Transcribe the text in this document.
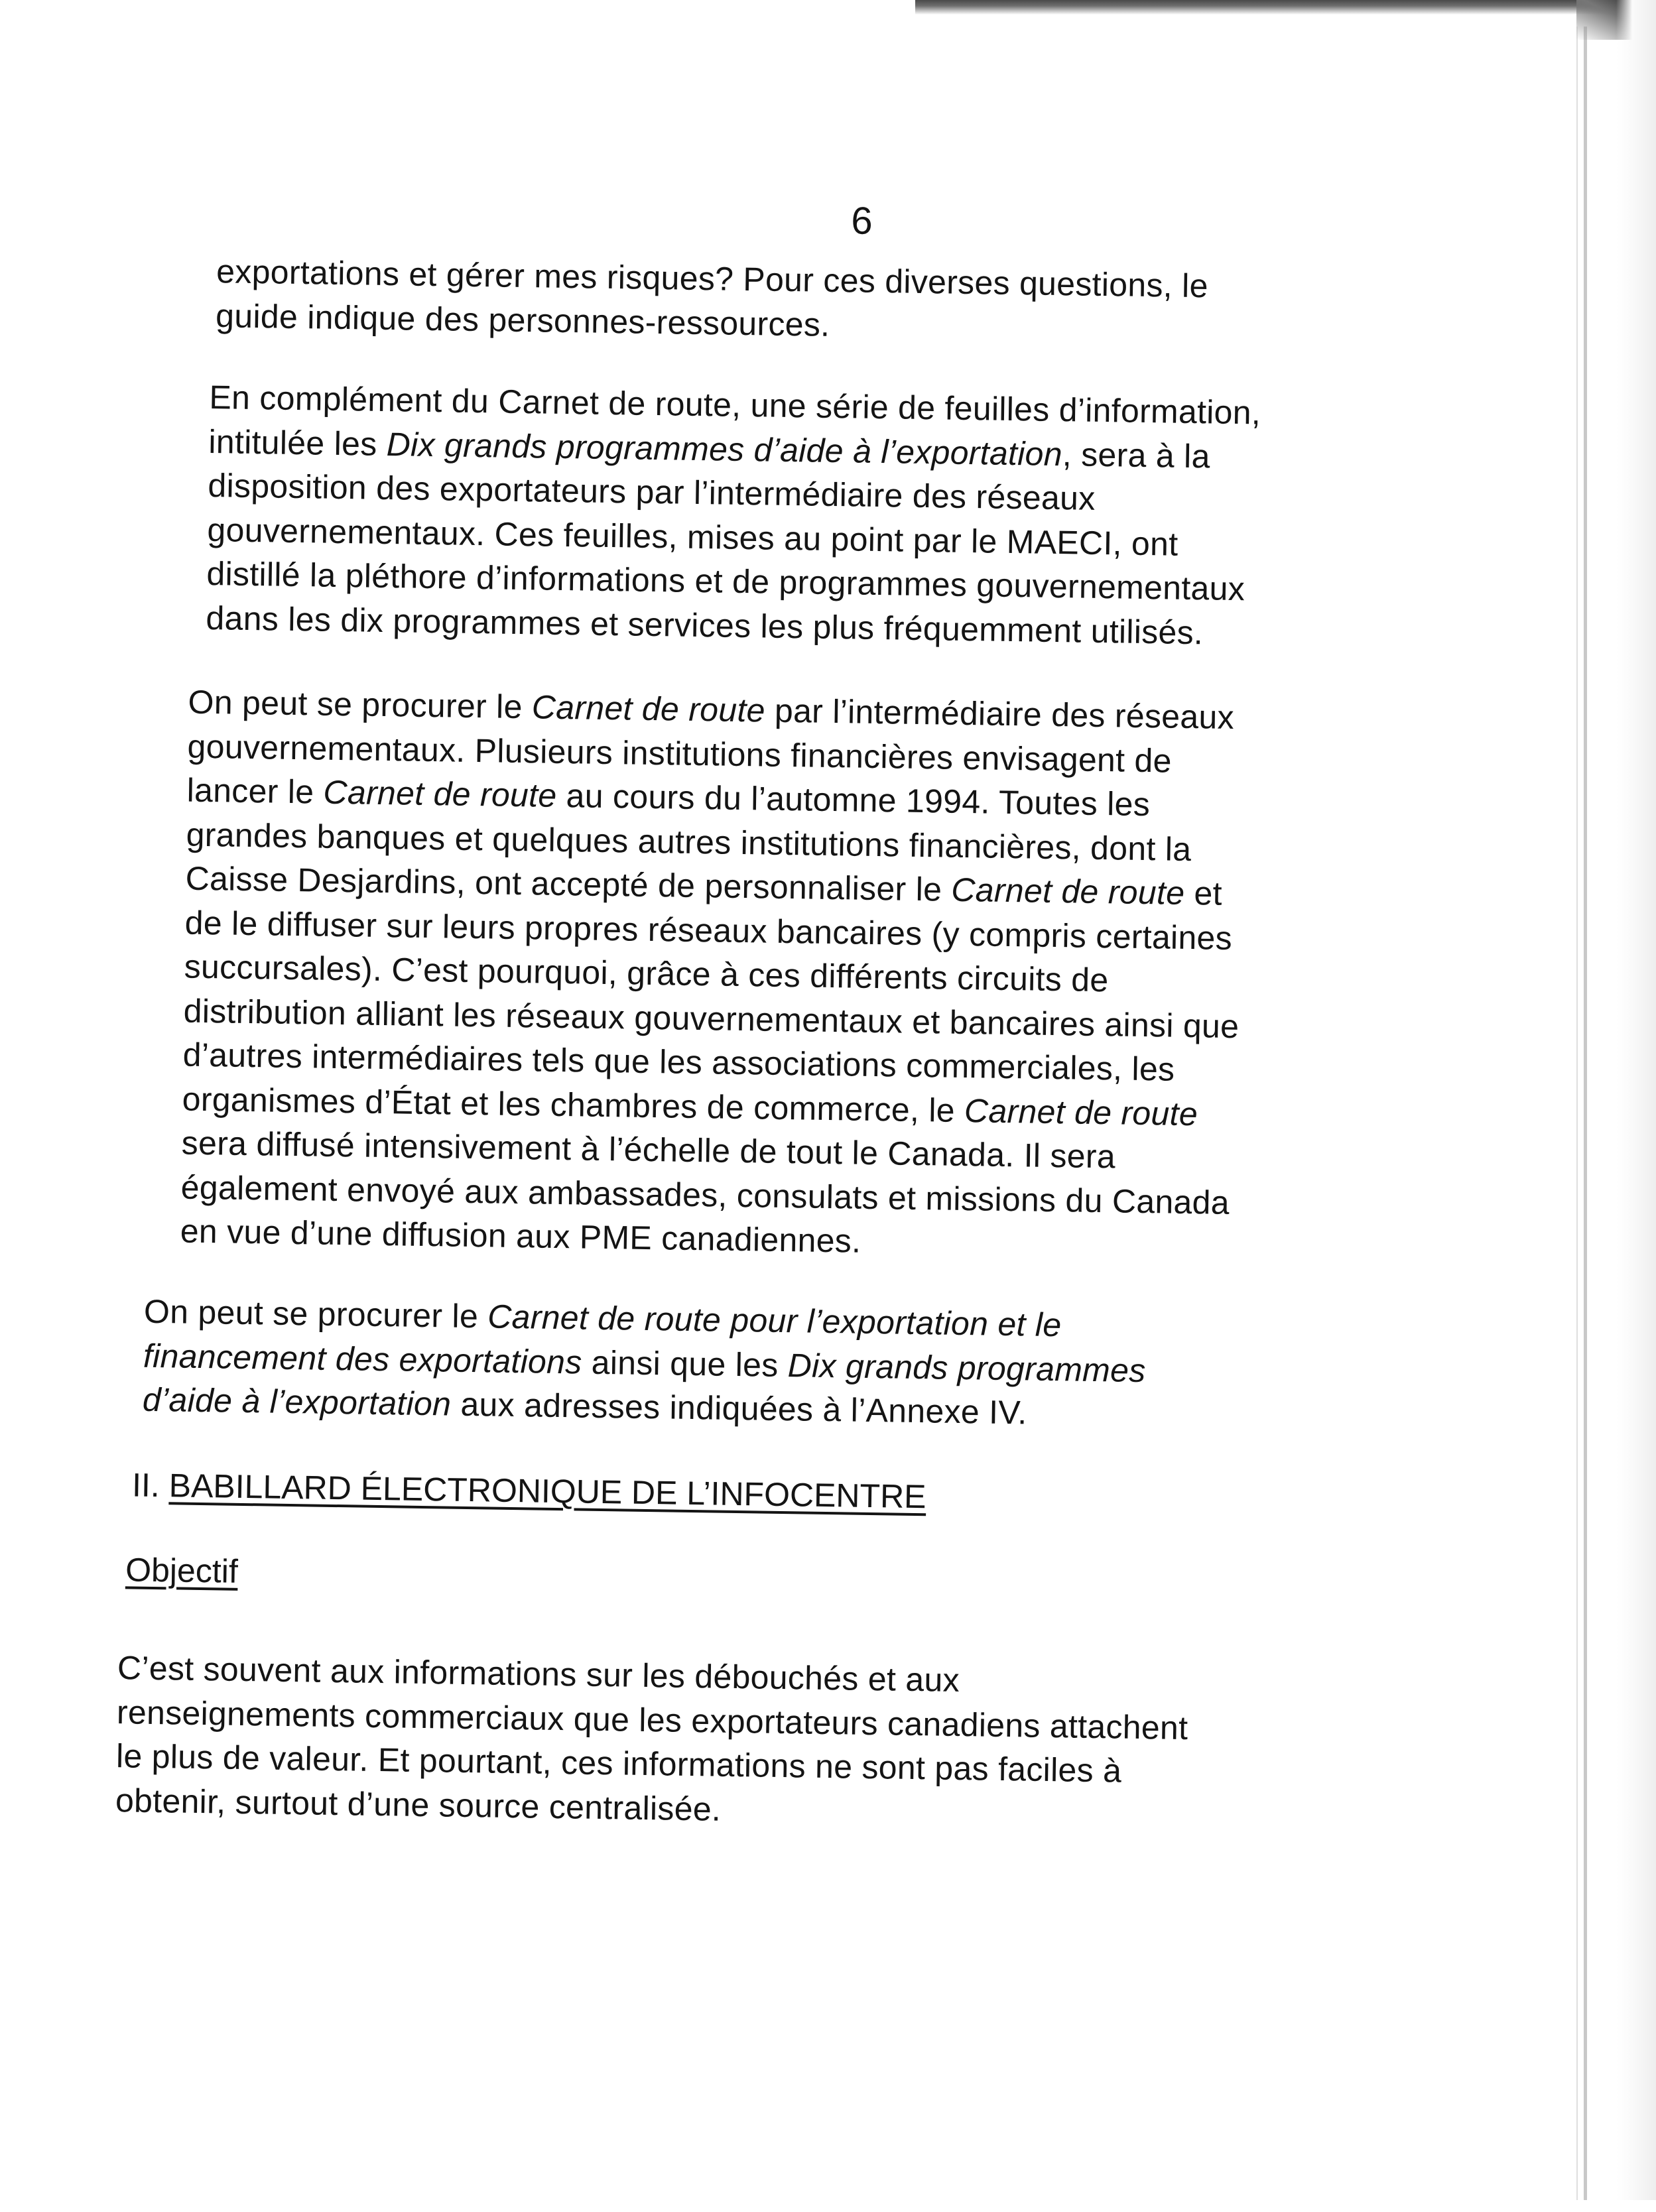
6

exportations et gérer mes risques? Pour ces diverses questions, le
guide indique des personnes-ressources.

En complément du Carnet de route, une série de feuilles d’information,
intitulée les Dix grands programmes d’aide à l’exportation, sera à la
disposition des exportateurs par l’intermédiaire des réseaux
gouvernementaux. Ces feuilles, mises au point par le MAECI, ont
distillé la pléthore d’informations et de programmes gouvernementaux
dans les dix programmes et services les plus fréquemment utilisés.

On peut se procurer le Carnet de route par l’intermédiaire des réseaux
gouvernementaux. Plusieurs institutions financières envisagent de
lancer le Carnet de route au cours du l’automne 1994. Toutes les
grandes banques et quelques autres institutions financières, dont la
Caisse Desjardins, ont accepté de personnaliser le Carnet de route et
de le diffuser sur leurs propres réseaux bancaires (y compris certaines
succursales). C’est pourquoi, grâce à ces différents circuits de
distribution alliant les réseaux gouvernementaux et bancaires ainsi que
d’autres intermédiaires tels que les associations commerciales, les
organismes d’État et les chambres de commerce, le Carnet de route
sera diffusé intensivement à l’échelle de tout le Canada. Il sera
également envoyé aux ambassades, consulats et missions du Canada
en vue d’une diffusion aux PME canadiennes.

On peut se procurer le Carnet de route pour l’exportation et le
financement des exportations ainsi que les Dix grands programmes
d’aide à l’exportation aux adresses indiquées à l’Annexe IV.

II. BABILLARD ÉLECTRONIQUE DE L’INFOCENTRE
Objectif

C’est souvent aux informations sur les débouchés et aux
renseignements commerciaux que les exportateurs canadiens attachent
le plus de valeur. Et pourtant, ces informations ne sont pas faciles à
obtenir, surtout d’une source centralisée.
